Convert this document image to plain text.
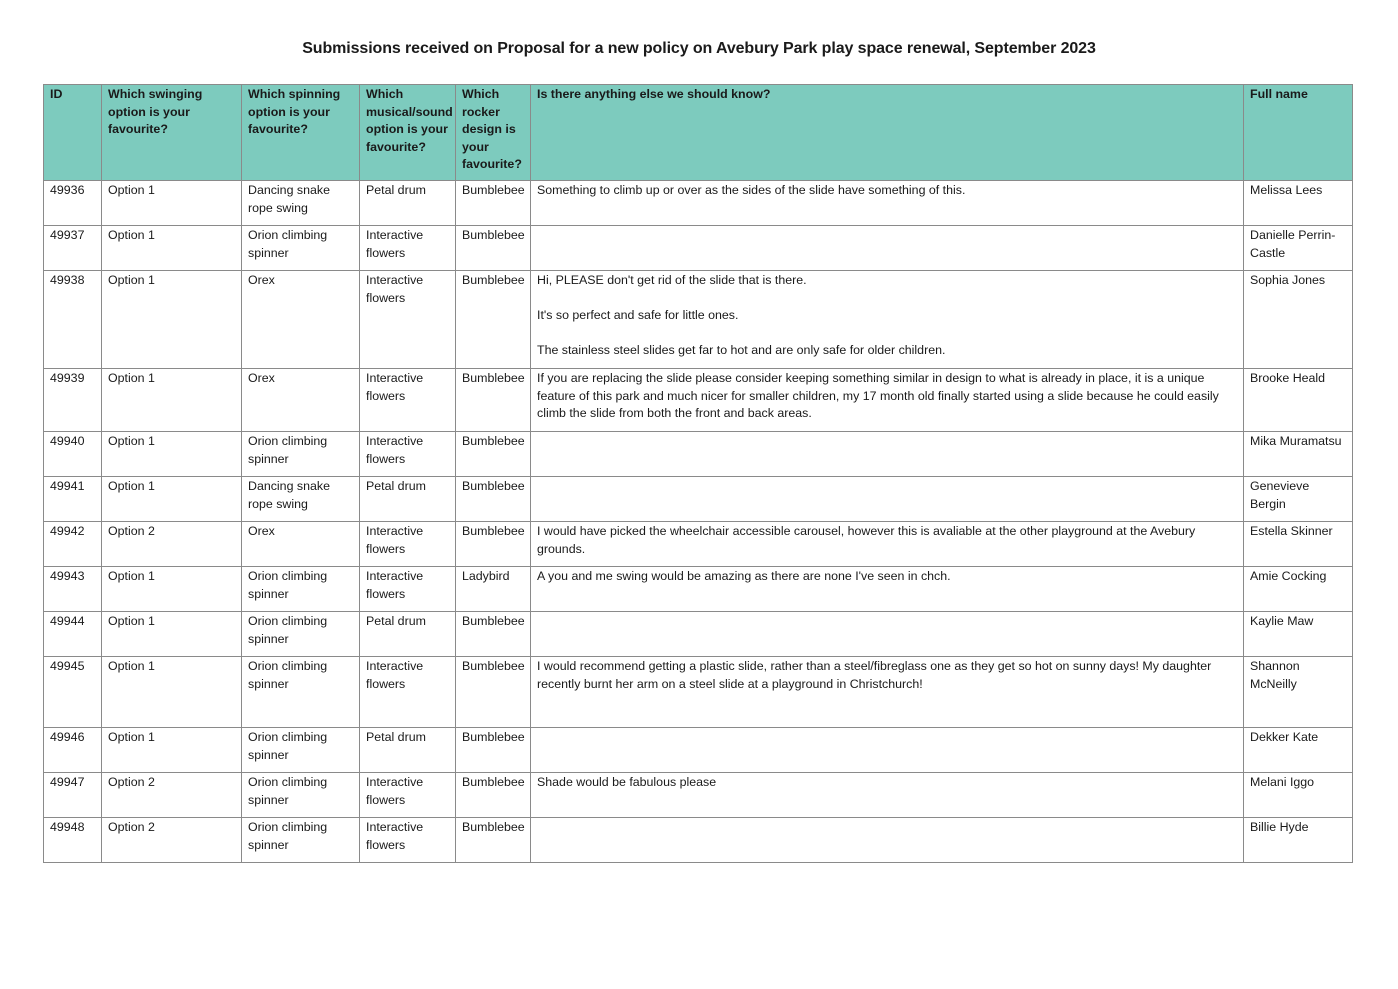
Submissions received on Proposal for a new policy on Avebury Park play space renewal, September 2023
ID	Which swinging option is your favourite?	Which spinning option is your favourite?	Which musical/sound option is your favourite?	Which rocker design is your favourite?	Is there anything else we should know?	Full name
49936	Option 1	Dancing snake rope swing	Petal drum	Bumblebee	Something to climb up or over as the sides of the slide have something of this.	Melissa Lees
49937	Option 1	Orion climbing spinner	Interactive flowers	Bumblebee		Danielle Perrin-Castle
49938	Option 1	Orex	Interactive flowers	Bumblebee	Hi, PLEASE don't get rid of the slide that is there.

It's so perfect and safe for little ones.

The stainless steel slides get far to hot and are only safe for older children.	Sophia Jones
49939	Option 1	Orex	Interactive flowers	Bumblebee	If you are replacing the slide please consider keeping something similar in design to what is already in place, it is a unique feature of this park and much nicer for smaller children, my 17 month old finally started using a slide because he could easily climb the slide from both the front and back areas.	Brooke Heald
49940	Option 1	Orion climbing spinner	Interactive flowers	Bumblebee		Mika Muramatsu
49941	Option 1	Dancing snake rope swing	Petal drum	Bumblebee		Genevieve Bergin
49942	Option 2	Orex	Interactive flowers	Bumblebee	I would have picked the wheelchair accessible carousel, however this is avaliable at the other playground at the Avebury grounds.	Estella Skinner
49943	Option 1	Orion climbing spinner	Interactive flowers	Ladybird	A you and me swing would be amazing as there are none I've seen in chch.	Amie Cocking
49944	Option 1	Orion climbing spinner	Petal drum	Bumblebee		Kaylie Maw
49945	Option 1	Orion climbing spinner	Interactive flowers	Bumblebee	I would recommend getting a plastic slide, rather than a steel/fibreglass one as they get so hot on sunny days! My daughter recently burnt her arm on a steel slide at a playground in Christchurch!	Shannon McNeilly
49946	Option 1	Orion climbing spinner	Petal drum	Bumblebee		Dekker Kate
49947	Option 2	Orion climbing spinner	Interactive flowers	Bumblebee	Shade would be fabulous please	Melani Iggo
49948	Option 2	Orion climbing spinner	Interactive flowers	Bumblebee		Billie Hyde
